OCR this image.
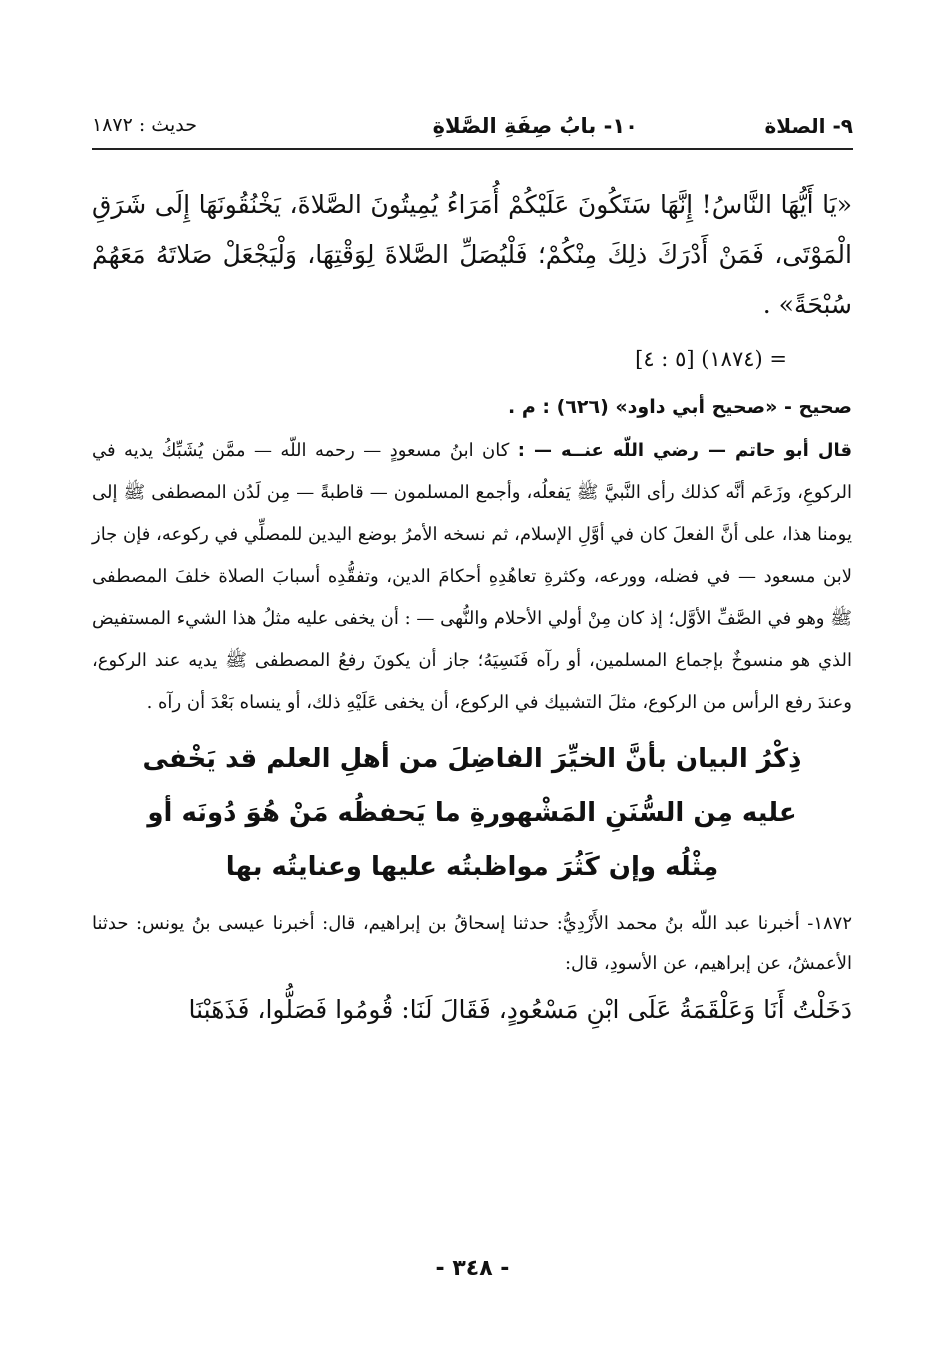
٩- الصلاة
١٠- بابُ صِفَةِ الصَّلاةِ
حديث : ١٨٧٢

«يَا أَيُّهَا النَّاسُ! إِنَّهَا سَتَكُونَ عَلَيْكُمْ أُمَرَاءُ يُمِيتُونَ الصَّلاةَ، يَخْنُقُونَهَا إِلَى شَرَقِ الْمَوْتَى، فَمَنْ أَدْرَكَ ذلِكَ مِنْكُمْ؛ فَلْيُصَلِّ الصَّلاةَ لِوَقْتِهَا، وَلْيَجْعَلْ صَلاتَهُ مَعَهُمْ سُبْحَةً» .

= (١٨٧٤) [٥ : ٤]

صحيح - «صحيح أبي داود» (٦٢٦) : م .

قال أبو حاتم — رضي اللّه عنــه — : كان ابنُ مسعودٍ — رحمه اللّه — ممَّن يُشَبِّكُ يديه في الركوعِ، وزَعَم أنَّه كذلك رأى النَّبيَّ ﷺ يَفعلُه، وأجمع المسلمون — قاطبةً — مِن لَدُن المصطفى ﷺ إلى يومنا هذا، على أنَّ الفعلَ كان في أوَّلِ الإسلام، ثم نسخه الأمرُ بوضع اليدين للمصلِّي في ركوعه، فإن جاز لابن مسعود — في فضله، وورعه، وكثرةِ تعاهُدِهِ أحكامَ الدين، وتفقُّدِه أسبابَ الصلاة خلفَ المصطفى ﷺ وهو في الصَّفِّ الأوَّل؛ إذ كان مِنْ أولي الأحلام والنُّهى — : أن يخفى عليه مثلُ هذا الشيء المستفيض الذي هو منسوخٌ بإجماع المسلمين، أو رآه فَنَسِيَهُ؛ جاز أن يكونَ رفعُ المصطفى ﷺ يديه عند الركوع، وعندَ رفع الرأس من الركوع، مثلَ التشبيك في الركوع، أن يخفى عَلَيْهِ ذلك، أو ينساه بَعْدَ أن رآه .

ذِكْرُ البيان بأنَّ الخيِّرَ الفاضِلَ من أهلِ العلم قد يَخْفى عليه مِن السُّنَنِ المَشْهورةِ ما يَحفظُه مَنْ هُوَ دُونَه أو مِثْلُه وإن كَثُرَ مواظبتُه عليها وعنايتُه بها

١٨٧٢- أخبرنا عبد اللّه بنُ محمد الأَزْدِيُّ: حدثنا إسحاقُ بن إبراهيم، قال: أخبرنا عيسى بنُ يونس: حدثنا الأعمشُ، عن إبراهيم، عن الأسودِ، قال:

دَخَلْتُ أَنَا وَعَلْقَمَةُ عَلَى ابْنِ مَسْعُودٍ، فَقَالَ لَنَا: قُومُوا فَصَلُّوا، فَذَهَبْنَا

- ٣٤٨ -
